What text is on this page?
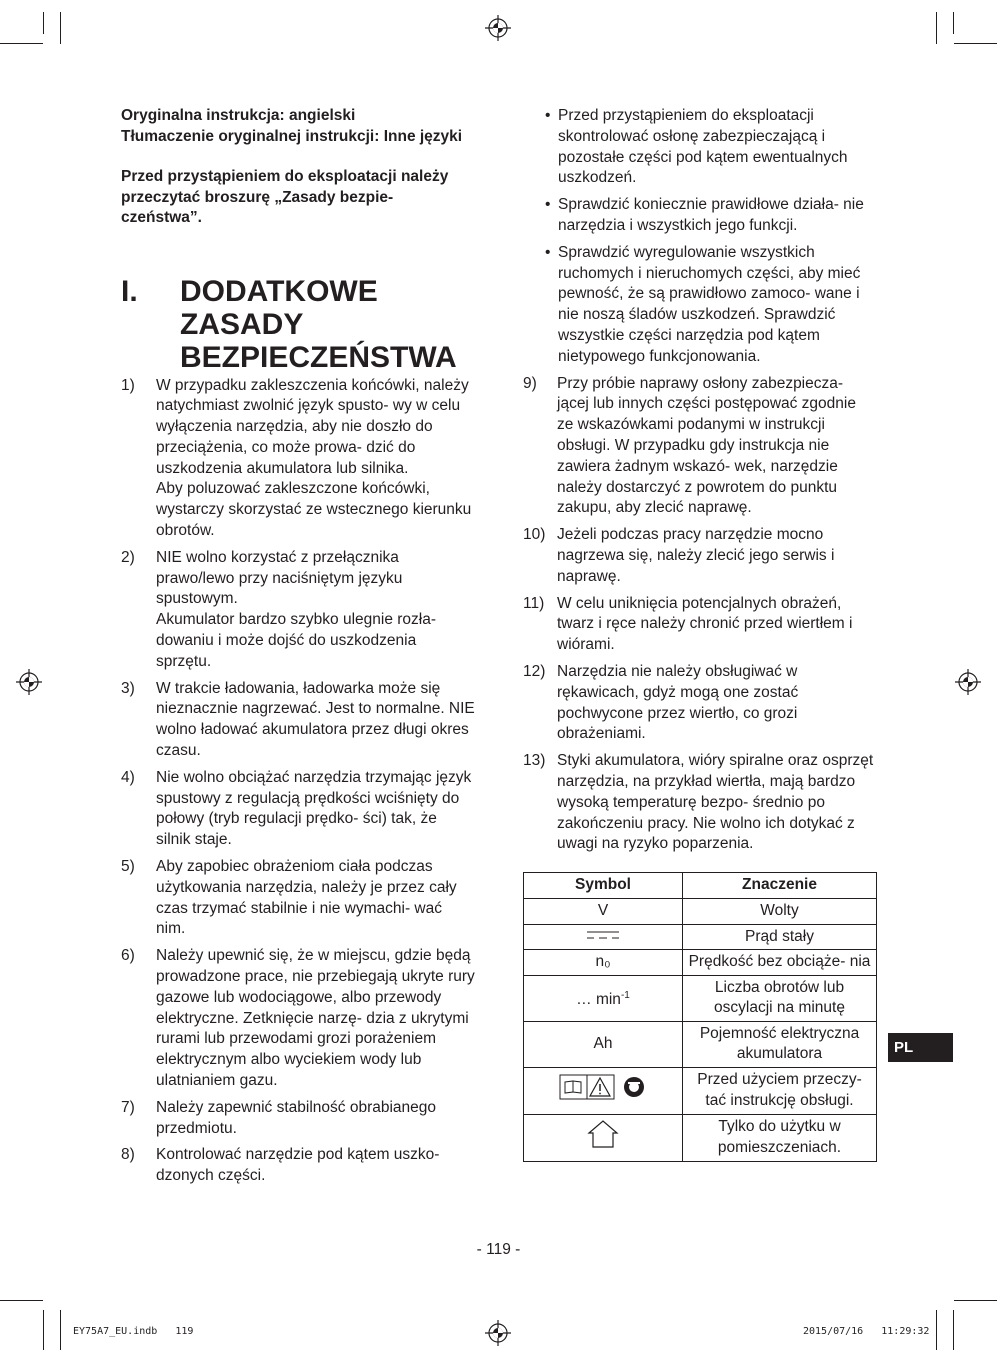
Oryginalna instrukcja: angielski

Tłumaczenie oryginalnej instrukcji: Inne języki

Przed przystąpieniem do eksploatacji należy przeczytać broszurę „Zasady bezpie- czeństwa”.

I.	DODATKOWE
ZASADY
BEZPIECZEŃSTWA
1)	W przypadku zakleszczenia końcówki, należy natychmiast zwolnić język spusto- wy w celu wyłączenia narzędzia, aby nie doszło do przeciążenia, co może prowa- dzić do uszkodzenia akumulatora lub silnika.
Aby poluzować zakleszczone końcówki, wystarczy skorzystać ze wstecznego kierunku obrotów.
2)	NIE wolno korzystać z przełącznika prawo/lewo przy naciśniętym języku spustowym.
Akumulator bardzo szybko ulegnie rozła- dowaniu i może dojść do uszkodzenia sprzętu.
3)	W trakcie ładowania, ładowarka może się nieznacznie nagrzewać. Jest to normalne. NIE wolno ładować akumulatora przez długi okres czasu.
4)	Nie wolno obciążać narzędzia trzymając język spustowy z regulacją prędkości wciśnięty do połowy (tryb regulacji prędko- ści) tak, że silnik staje.
5)	Aby zapobiec obrażeniom ciała podczas użytkowania narzędzia, należy je przez cały czas trzymać stabilnie i nie wymachi- wać nim.
6)	Należy upewnić się, że w miejscu, gdzie będą prowadzone prace, nie przebiegają ukryte rury gazowe lub wodociągowe, albo przewody elektryczne. Zetknięcie narzę- dzia z ukrytymi rurami lub przewodami grozi porażeniem elektrycznym albo wyciekiem wody lub ulatnianiem gazu.
7)	Należy zapewnić stabilność obrabianego przedmiotu.
8)	Kontrolować narzędzie pod kątem uszko- dzonych części.
• Przed przystąpieniem do eksploatacji skontrolować osłonę zabezpieczającą i pozostałe części pod kątem ewentualnych uszkodzeń.
• Sprawdzić koniecznie prawidłowe działa- nie narzędzia i wszystkich jego funkcji.
• Sprawdzić wyregulowanie wszystkich ruchomych i nieruchomych części, aby mieć pewność, że są prawidłowo zamoco- wane i nie noszą śladów uszkodzeń. Sprawdzić wszystkie części narzędzia pod kątem nietypowego funkcjonowania.
9)	Przy próbie naprawy osłony zabezpiecza- jącej lub innych części postępować zgodnie ze wskazówkami podanymi w instrukcji obsługi. W przypadku gdy instrukcja nie zawiera żadnym wskazó- wek, narzędzie należy dostarczyć z powrotem do punktu zakupu, aby zlecić naprawę.
10) Jeżeli podczas pracy narzędzie mocno nagrzewa się, należy zlecić jego serwis i naprawę.
11) W celu uniknięcia potencjalnych obrażeń, twarz i ręce należy chronić przed wiertłem i wiórami.
12) Narzędzia nie należy obsługiwać w rękawicach, gdyż mogą one zostać pochwycone przez wiertło, co grozi obrażeniami.
13) Styki akumulatora, wióry spiralne oraz osprzęt narzędzia, na przykład wiertła, mają bardzo wysoką temperaturę bezpo- średnio po zakończeniu pracy. Nie wolno ich dotykać z uwagi na ryzyko poparzenia.
Symbol	Znaczenie
V	Wolty
	Prąd stały
n₀	Prędkość bez obciąże- nia
… $\min^{-1}$	Liczba obrotów lub oscylacji na minutę
Ah	Pojemność elektryczna akumulatora
	Przed użyciem przeczy- tać instrukcję obsługi.
	Tylko do użytku w pomieszczeniach.
PL
- 119 -
EY75A7_EU.indb   119	2015/07/16   11:29:32
